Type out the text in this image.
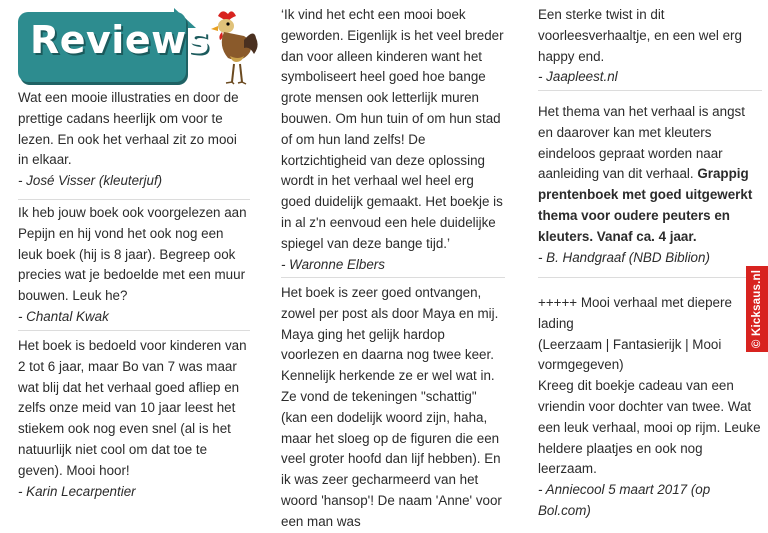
Reviews

Wat een mooie illustraties en door de prettige cadans heerlijk om voor te lezen. En ook het verhaal zit zo mooi in elkaar.

- José Visser (kleuterjuf)

Ik heb jouw boek ook voorgelezen aan Pepijn en hij vond het ook nog een leuk boek (hij is 8 jaar). Begreep ook precies wat je bedoelde met een muur bouwen. Leuk he?

- Chantal Kwak

Het boek is bedoeld voor kinderen van 2 tot 6 jaar, maar Bo van 7 was maar wat blij dat het verhaal goed afliep en zelfs onze meid van 10 jaar leest het stiekem ook nog even snel (al is het natuurlijk niet cool om dat toe te geven). Mooi hoor!

- Karin Lecarpentier

‘Ik vind het echt een mooi boek geworden. Eigenlijk is het veel breder dan voor alleen kinderen want het symboliseert heel goed hoe bange grote mensen ook letterlijk muren bouwen. Om hun tuin of om hun stad of om hun land zelfs! De kortzichtigheid van deze oplossing wordt in het verhaal wel heel erg goed duidelijk gemaakt. Het boekje is in al z'n eenvoud een hele duidelijke spiegel van deze bange tijd.’

- Waronne Elbers

Het boek is zeer goed ontvangen, zowel per post als door Maya en mij. Maya ging het gelijk hardop voorlezen en daarna nog twee keer. Kennelijk herkende ze er wel wat in. Ze vond de tekeningen "schattig" (kan een dodelijk woord zijn, haha, maar het sloeg op de figuren die een veel groter hoofd dan lijf hebben). En ik was zeer gecharmeerd van het woord 'hansop'! De naam 'Anne' voor een man was

Een sterke twist in dit voorleesverhaaltje, en een wel erg happy end.

- Jaapleest.nl

Het thema van het verhaal is angst en daarover kan met kleuters eindeloos gepraat worden naar aanleiding van dit verhaal. Grappig prentenboek met goed uitgewerkt thema voor oudere peuters en kleuters. Vanaf ca. 4 jaar.

- B. Handgraaf (NBD Biblion)

+++++ Mooi verhaal met diepere lading
(Leerzaam | Fantasierijk | Mooi vormgegeven)
Kreeg dit boekje cadeau van een vriendin voor dochter van twee. Wat een leuk verhaal, mooi op rijm. Leuke heldere plaatjes en ook nog leerzaam.

- Anniecool 5 maart 2017 (op Bol.com)

© Kicksaus.nl
